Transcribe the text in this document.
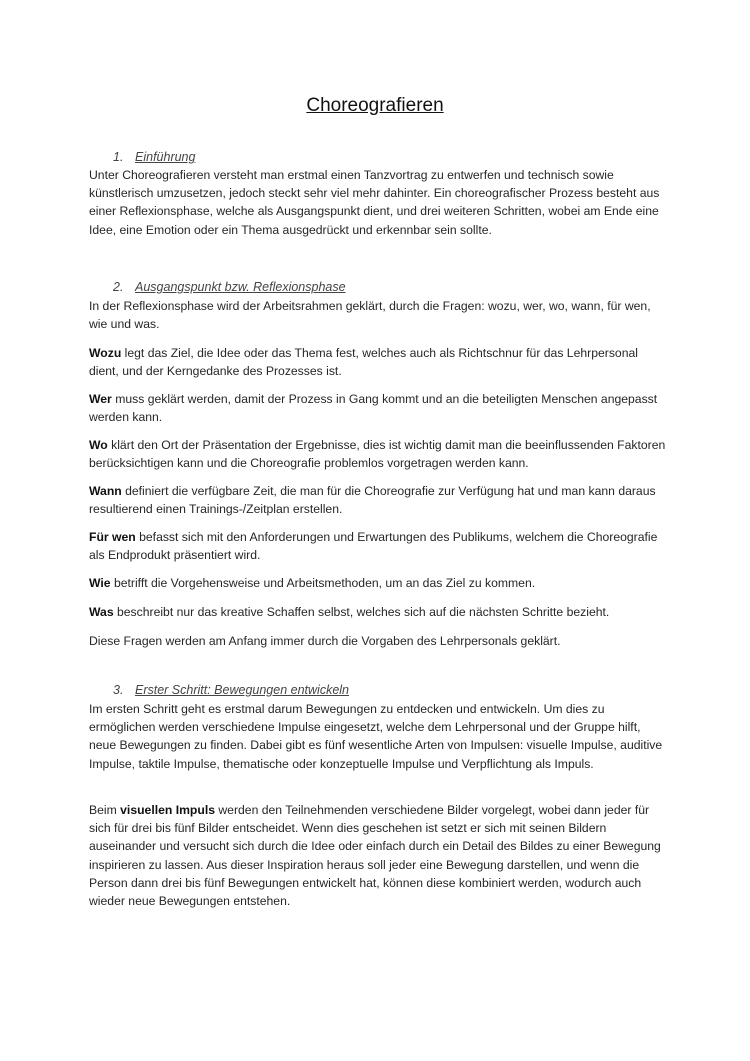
Choreografieren
1. Einführung

Unter Choreografieren versteht man erstmal einen Tanzvortrag zu entwerfen und technisch sowie künstlerisch umzusetzen, jedoch steckt sehr viel mehr dahinter. Ein choreografischer Prozess besteht aus einer Reflexionsphase, welche als Ausgangspunkt dient, und drei weiteren Schritten, wobei am Ende eine Idee, eine Emotion oder ein Thema ausgedrückt und erkennbar sein sollte.

2. Ausgangspunkt bzw. Reflexionsphase

In der Reflexionsphase wird der Arbeitsrahmen geklärt, durch die Fragen: wozu, wer, wo, wann, für wen, wie und was.

Wozu legt das Ziel, die Idee oder das Thema fest, welches auch als Richtschnur für das Lehrpersonal dient, und der Kerngedanke des Prozesses ist.

Wer muss geklärt werden, damit der Prozess in Gang kommt und an die beteiligten Menschen angepasst werden kann.

Wo klärt den Ort der Präsentation der Ergebnisse, dies ist wichtig damit man die beeinflussenden Faktoren berücksichtigen kann und die Choreografie problemlos vorgetragen werden kann.

Wann definiert die verfügbare Zeit, die man für die Choreografie zur Verfügung hat und man kann daraus resultierend einen Trainings-/Zeitplan erstellen.

Für wen befasst sich mit den Anforderungen und Erwartungen des Publikums, welchem die Choreografie als Endprodukt präsentiert wird.

Wie betrifft die Vorgehensweise und Arbeitsmethoden, um an das Ziel zu kommen.

Was beschreibt nur das kreative Schaffen selbst, welches sich auf die nächsten Schritte bezieht.

Diese Fragen werden am Anfang immer durch die Vorgaben des Lehrpersonals geklärt.

3. Erster Schritt: Bewegungen entwickeln

Im ersten Schritt geht es erstmal darum Bewegungen zu entdecken und entwickeln. Um dies zu ermöglichen werden verschiedene Impulse eingesetzt, welche dem Lehrpersonal und der Gruppe hilft, neue Bewegungen zu finden. Dabei gibt es fünf wesentliche Arten von Impulsen: visuelle Impulse, auditive Impulse, taktile Impulse, thematische oder konzeptuelle Impulse und Verpflichtung als Impuls.

Beim visuellen Impuls werden den Teilnehmenden verschiedene Bilder vorgelegt, wobei dann jeder für sich für drei bis fünf Bilder entscheidet. Wenn dies geschehen ist setzt er sich mit seinen Bildern auseinander und versucht sich durch die Idee oder einfach durch ein Detail des Bildes zu einer Bewegung inspirieren zu lassen. Aus dieser Inspiration heraus soll jeder eine Bewegung darstellen, und wenn die Person dann drei bis fünf Bewegungen entwickelt hat, können diese kombiniert werden, wodurch auch wieder neue Bewegungen entstehen.
